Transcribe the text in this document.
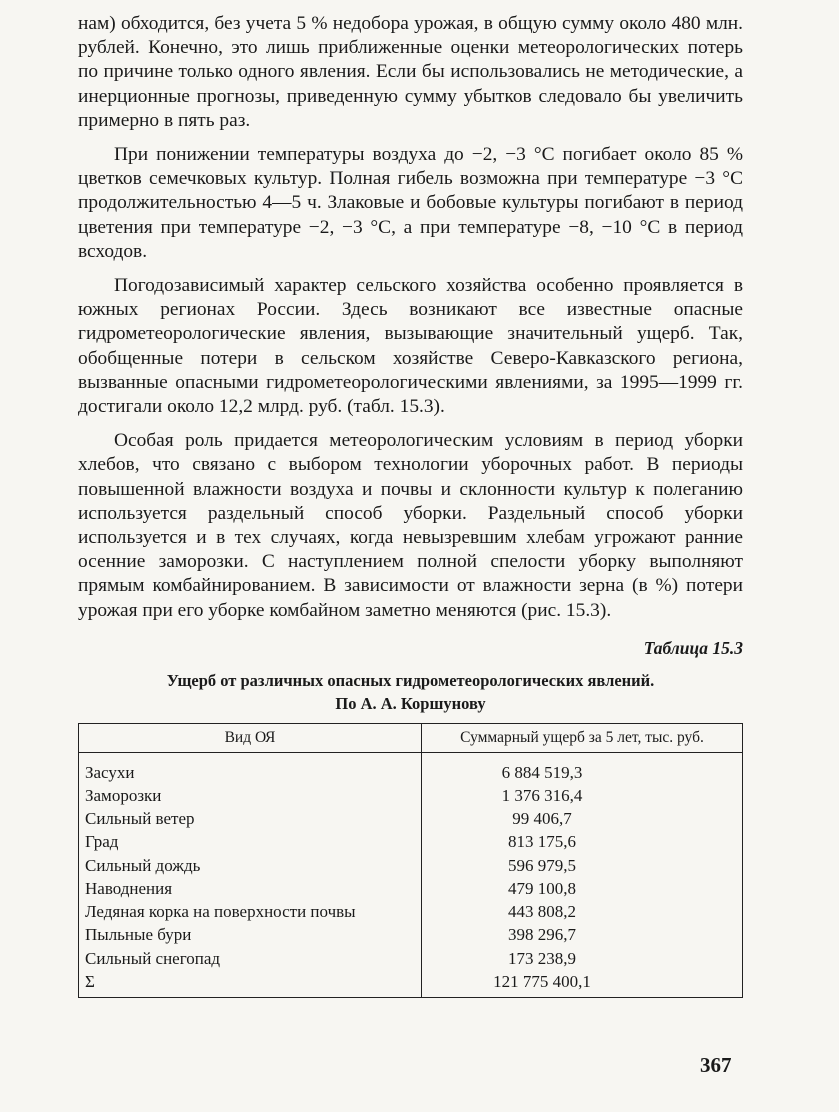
нам) обходится, без учета 5 % недобора урожая, в общую сумму около 480 млн. рублей. Конечно, это лишь приближенные оценки метеорологических потерь по причине только одного явления. Если бы использовались не методические, а инерционные прогнозы, приведенную сумму убытков следовало бы увеличить примерно в пять раз.

При понижении температуры воздуха до −2, −3 °С погибает около 85 % цветков семечковых культур. Полная гибель возможна при температуре −3 °С продолжительностью 4—5 ч. Злаковые и бобовые культуры погибают в период цветения при температуре −2, −3 °С, а при температуре −8, −10 °С в период всходов.

Погодозависимый характер сельского хозяйства особенно проявляется в южных регионах России. Здесь возникают все известные опасные гидрометеорологические явления, вызывающие значительный ущерб. Так, обобщенные потери в сельском хозяйстве Северо-Кавказского региона, вызванные опасными гидрометеорологическими явлениями, за 1995—1999 гг. достигали около 12,2 млрд. руб. (табл. 15.3).

Особая роль придается метеорологическим условиям в период уборки хлебов, что связано с выбором технологии уборочных работ. В периоды повышенной влажности воздуха и почвы и склонности культур к полеганию используется раздельный способ уборки. Раздельный способ уборки используется и в тех случаях, когда невызревшим хлебам угрожают ранние осенние заморозки. С наступлением полной спелости уборку выполняют прямым комбайнированием. В зависимости от влажности зерна (в %) потери урожая при его уборке комбайном заметно меняются (рис. 15.3).

Таблица 15.3
Ущерб от различных опасных гидрометеорологических явлений.
По А. А. Коршунову
Вид ОЯ	Суммарный ущерб за 5 лет, тыс. руб.
Засухи	6 884 519,3
Заморозки	1 376 316,4
Сильный ветер	99 406,7
Град	813 175,6
Сильный дождь	596 979,5
Наводнения	479 100,8
Ледяная корка на поверхности почвы	443 808,2
Пыльные бури	398 296,7
Сильный снегопад	173 238,9
Σ	121 775 400,1
367
